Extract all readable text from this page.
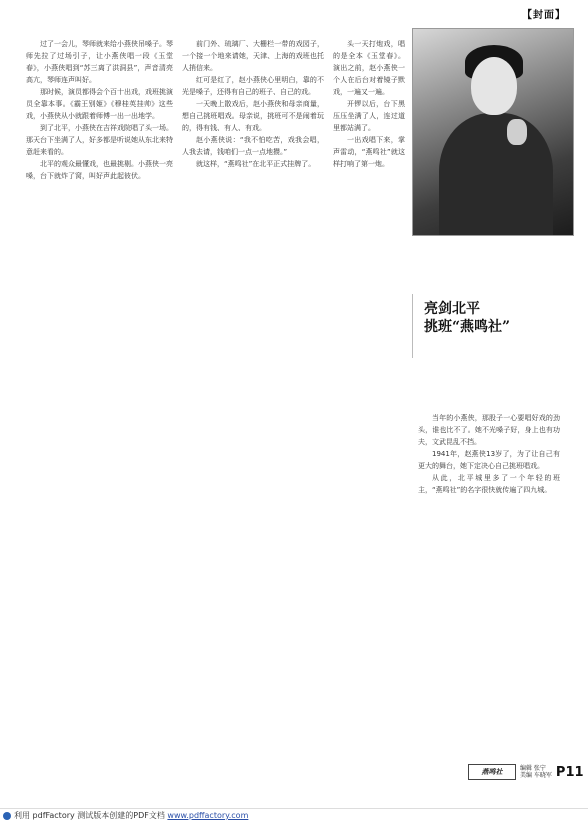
【封面】

过了一会儿，琴师就来给小燕侠吊嗓子。琴师先拉了过场引子，让小燕侠唱一段《玉堂春》，小燕侠唱到“苏三离了洪洞县”，声音清亮高亢，琴师连声叫好。

那时候，演员都得会个百十出戏，戏班挑演员全靠本事。《霸王别姬》《穆桂英挂帅》这些戏，小燕侠从小就跟着师傅一出一出地学。

到了北平，小燕侠在吉祥戏院唱了头一场。那天台下坐满了人，好多都是听说她从东北来特意赶来看的。

北平的观众最懂戏，也最挑剔。小燕侠一亮嗓，台下就炸了窝，叫好声此起彼伏。

前门外、琉璃厂、大栅栏一带的戏园子，一个接一个地来请她，天津、上海的戏班也托人捎信来。

红可是红了，赵小燕侠心里明白，靠的不光是嗓子，还得有自己的班子、自己的戏。

一天晚上散戏后，赵小燕侠和母亲商量，想自己挑班唱戏。母亲说，挑班可不是闹着玩的，得有钱、有人、有戏。

赵小燕侠说：“我不怕吃苦，戏我会唱，人我去请，钱咱们一点一点地攒。”

就这样，“燕鸣社”在北平正式挂牌了。

头一天打炮戏，唱的是全本《玉堂春》。演出之前，赵小燕侠一个人在后台对着镜子默戏，一遍又一遍。

开锣以后，台下黑压压坐满了人，连过道里都站满了。

一出戏唱下来，掌声雷动，“燕鸣社”就这样打响了第一炮。

亮剑北平
挑班“燕鸣社”

当年的小燕侠，那股子一心要唱好戏的劲头，谁也比不了。她不光嗓子好，身上也有功夫，文武昆乱不挡。

1941年，赵燕侠13岁了，为了让自己有更大的舞台，她下定决心自己挑班唱戏。

从此，北平城里多了一个年轻的班主，“燕鸣社”的名字很快就传遍了四九城。

燕鸣社	编辑 张宁
美编 车晓军 P11
利用 pdfFactory 测试版本创建的PDF文档 www.pdffactory.com
